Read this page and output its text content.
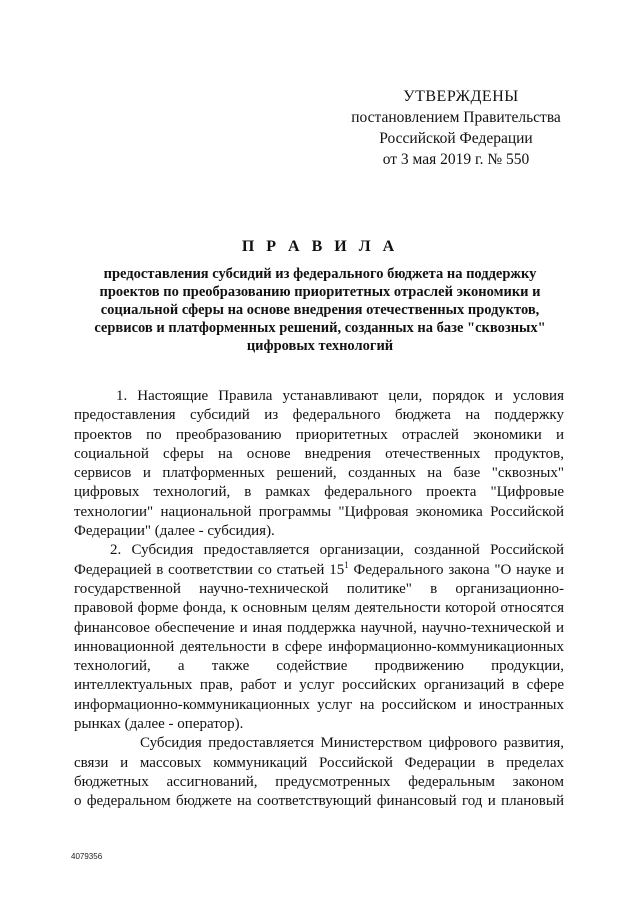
УТВЕРЖДЕНЫ
постановлением Правительства
Российской Федерации
от 3 мая 2019 г. № 550
П Р А В И Л А
предоставления субсидий из федерального бюджета на поддержку
проектов по преобразованию приоритетных отраслей экономики и
социальной сферы на основе внедрения отечественных продуктов,
сервисов и платформенных решений, созданных на базе "сквозных"
цифровых технологий
1. Настоящие Правила устанавливают цели, порядок и условия
предоставления субсидий из федерального бюджета на поддержку
проектов по преобразованию приоритетных отраслей экономики и
социальной сферы на основе внедрения отечественных продуктов,
сервисов и платформенных решений, созданных на базе "сквозных"
цифровых технологий, в рамках федерального проекта "Цифровые
технологии" национальной программы "Цифровая экономика Российской
Федерации" (далее - субсидия).
2. Субсидия предоставляется организации, созданной Российской
Федерацией в соответствии со статьей $15^1$ Федерального закона "О науке и
государственной научно-технической политике" в организационно-
правовой форме фонда, к основным целям деятельности которой относятся
финансовое обеспечение и иная поддержка научной, научно-технической и
инновационной деятельности в сфере информационно-коммуникационных
технологий, а также содействие продвижению продукции,
интеллектуальных прав, работ и услуг российских организаций в сфере
информационно-коммуникационных услуг на российском и иностранных
рынках (далее - оператор).
Субсидия предоставляется Министерством цифрового развития,
связи и массовых коммуникаций Российской Федерации в пределах
бюджетных ассигнований, предусмотренных федеральным законом
о федеральном бюджете на соответствующий финансовый год и плановый
4079356
